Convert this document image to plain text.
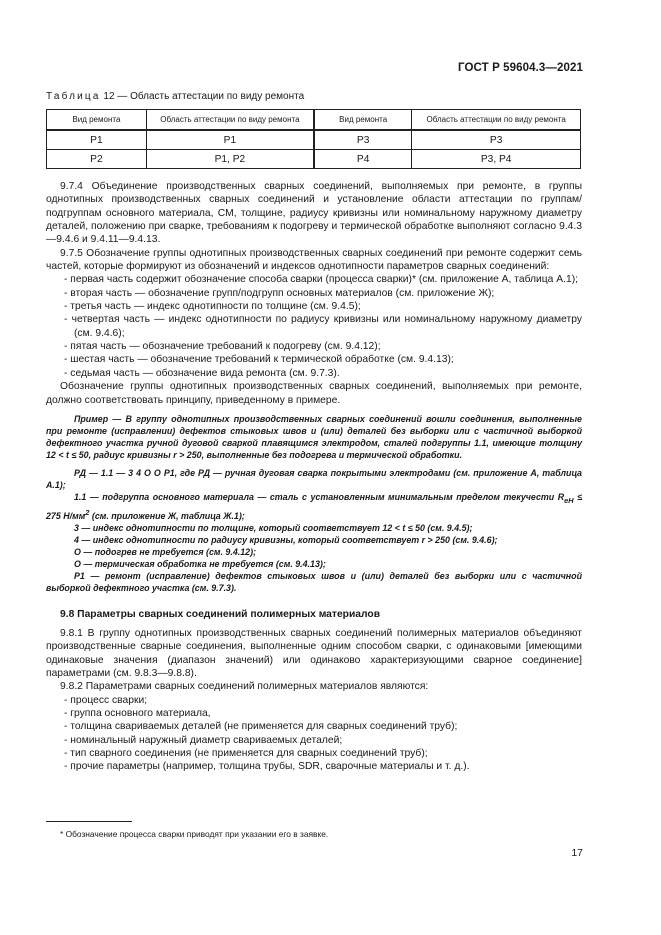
ГОСТ Р 59604.3—2021
Таблица 12 — Область аттестации по виду ремонта
Вид ремонта	Область аттестации по виду ремонта	Вид ремонта	Область аттестации по виду ремонта
Р1	Р1	Р3	Р3
Р2	Р1, Р2	Р4	Р3, Р4

9.7.4 Объединение производственных сварных соединений, выполняемых при ремонте, в группы однотипных производственных сварных соединений и установление области аттестации по группам/подгруппам основного материала, СМ, толщине, радиусу кривизны или номинальному наружному диаметру деталей, положению при сварке, требованиям к подогреву и термической обработке выполняют согласно 9.4.3—9.4.6 и 9.4.11—9.4.13.

9.7.5 Обозначение группы однотипных производственных сварных соединений при ремонте содержит семь частей, которые формируют из обозначений и индексов однотипности параметров сварных соединений:

- первая часть содержит обозначение способа сварки (процесса сварки)* (см. приложение А, таблица А.1);

- вторая часть — обозначение групп/подгрупп основных материалов (см. приложение Ж);

- третья часть — индекс однотипности по толщине (см. 9.4.5);

- четвертая часть — индекс однотипности по радиусу кривизны или номинальному наружному диаметру (см. 9.4.6);

- пятая часть — обозначение требований к подогреву (см. 9.4.12);

- шестая часть — обозначение требований к термической обработке (см. 9.4.13);

- седьмая часть — обозначение вида ремонта (см. 9.7.3).

Обозначение группы однотипных производственных сварных соединений, выполняемых при ремонте, должно соответствовать принципу, приведенному в примере.

Пример — В группу однотипных производственных сварных соединений вошли соединения, выполненные при ремонте (исправлении) дефектов стыковых швов и (или) деталей без выборки или с частичной выборкой дефектного участка ручной дуговой сваркой плавящимся электродом, сталей подгруппы 1.1, имеющие толщину 12 < t ≤ 50, радиус кривизны r > 250, выполненные без подогрева и термической обработки.

РД — 1.1 — 3 4 О О Р1, где РД — ручная дуговая сварка покрытыми электродами (см. приложение А, таблица А.1);

1.1 — подгруппа основного материала — сталь с установленным минимальным пределом текучести $R_{eH} \le 275$ $Н/мм^2$ (см. приложение Ж, таблица Ж.1);

3 — индекс однотипности по толщине, который соответствует 12 < t ≤ 50 (см. 9.4.5);

4 — индекс однотипности по радиусу кривизны, который соответствует r > 250 (см. 9.4.6);

О — подогрев не требуется (см. 9.4.12);

О — термическая обработка не требуется (см. 9.4.13);

Р1 — ремонт (исправление) дефектов стыковых швов и (или) деталей без выборки или с частичной выборкой дефектного участка (см. 9.7.3).

9.8 Параметры сварных соединений полимерных материалов

9.8.1 В группу однотипных производственных сварных соединений полимерных материалов объединяют производственные сварные соединения, выполненные одним способом сварки, с одинаковыми [имеющими одинаковые значения (диапазон значений) или одинаково характеризующими сварное соединение] параметрами (см. 9.8.3—9.8.8).

9.8.2 Параметрами сварных соединений полимерных материалов являются:

- процесс сварки;

- группа основного материала,

- толщина свариваемых деталей (не применяется для сварных соединений труб);

- номинальный наружный диаметр свариваемых деталей;

- тип сварного соединения (не применяется для сварных соединений труб);

- прочие параметры (например, толщина трубы, SDR, сварочные материалы и т. д.).

* Обозначение процесса сварки приводят при указании его в заявке.
17
